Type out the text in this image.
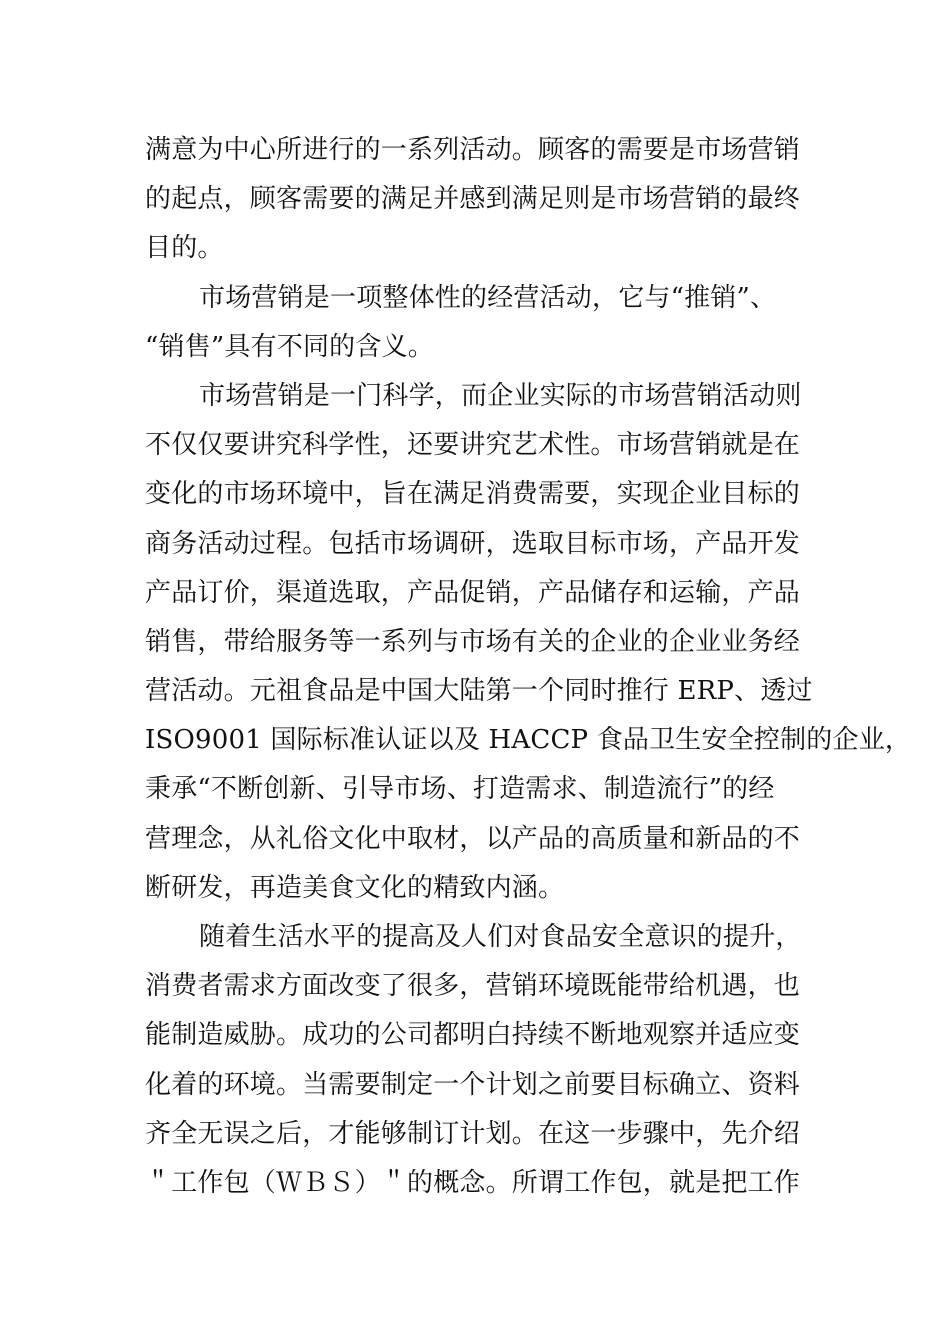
满意为中心所进行的一系列活动。顾客的需要是市场营销
的起点，顾客需要的满足并感到满足则是市场营销的最终
目的。
市场营销是一项整体性的经营活动，它与“推销”、
“销售”具有不同的含义。
市场营销是一门科学，而企业实际的市场营销活动则
不仅仅要讲究科学性，还要讲究艺术性。市场营销就是在
变化的市场环境中，旨在满足消费需要，实现企业目标的
商务活动过程。包括市场调研，选取目标市场，产品开发
产品订价，渠道选取，产品促销，产品储存和运输，产品
销售，带给服务等一系列与市场有关的企业的企业业务经
营活动。元祖食品是中国大陆第一个同时推行 ERP、透过
ISO9001 国际标准认证以及 HACCP 食品卫生安全控制的企业，
秉承“不断创新、引导市场、打造需求、制造流行”的经
营理念，从礼俗文化中取材，以产品的高质量和新品的不
断研发，再造美食文化的精致内涵。
随着生活水平的提高及人们对食品安全意识的提升，
消费者需求方面改变了很多，营销环境既能带给机遇，也
能制造威胁。成功的公司都明白持续不断地观察并适应变
化着的环境。当需要制定一个计划之前要目标确立、资料
齐全无误之后，才能够制订计划。在这一步骤中，先介绍
＂工作包（ＷＢＳ）＂的概念。所谓工作包，就是把工作
